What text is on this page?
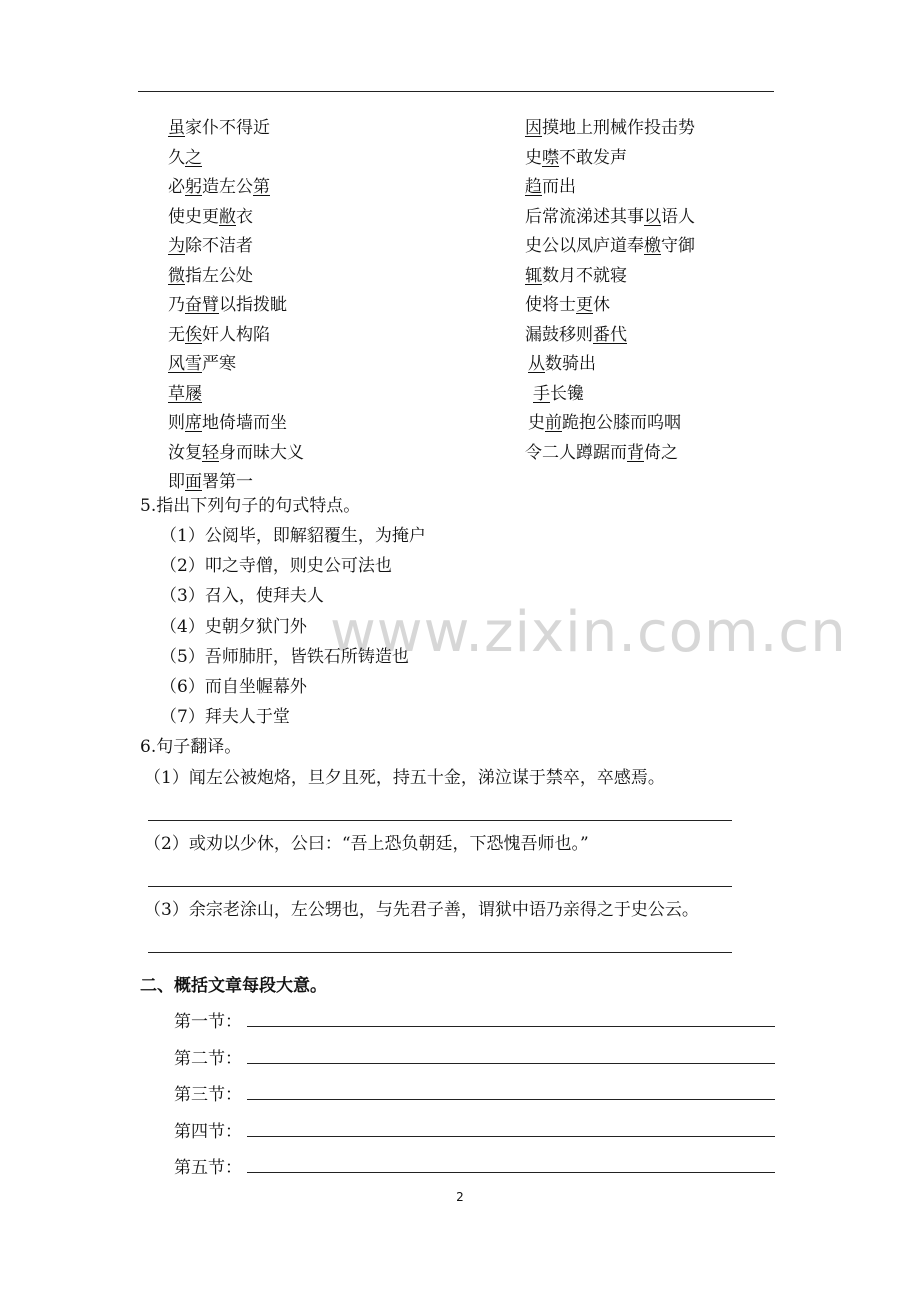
www.zixin.com.cn
虽家仆不得近
久之
必躬造左公第
使史更敝衣
为除不洁者
微指左公处
乃奋臂以指拨眦
无俟奸人构陷
风雪严寒
草屦
则席地倚墙而坐
汝复轻身而昧大义
即面署第一
因摸地上刑械作投击势
史噤不敢发声
趋而出
后常流涕述其事以语人
史公以凤庐道奉檄守御
辄数月不就寝
使将士更休
漏鼓移则番代
从数骑出
手长镵
史前跪抱公膝而呜咽
令二人蹲踞而背倚之
5.指出下列句子的句式特点。
（1）公阅毕，即解貂覆生，为掩户
（2）叩之寺僧，则史公可法也
（3）召入，使拜夫人
（4）史朝夕狱门外
（5）吾师肺肝，皆铁石所铸造也
（6）而自坐幄幕外
（7）拜夫人于堂
6.句子翻译。
（1）闻左公被炮烙，旦夕且死，持五十金，涕泣谋于禁卒，卒感焉。
（2）或劝以少休，公曰：“吾上恐负朝廷，下恐愧吾师也。”
（3）余宗老涂山，左公甥也，与先君子善，谓狱中语乃亲得之于史公云。
二、概括文章每段大意。
第一节：
第二节：
第三节：
第四节：
第五节：
2
